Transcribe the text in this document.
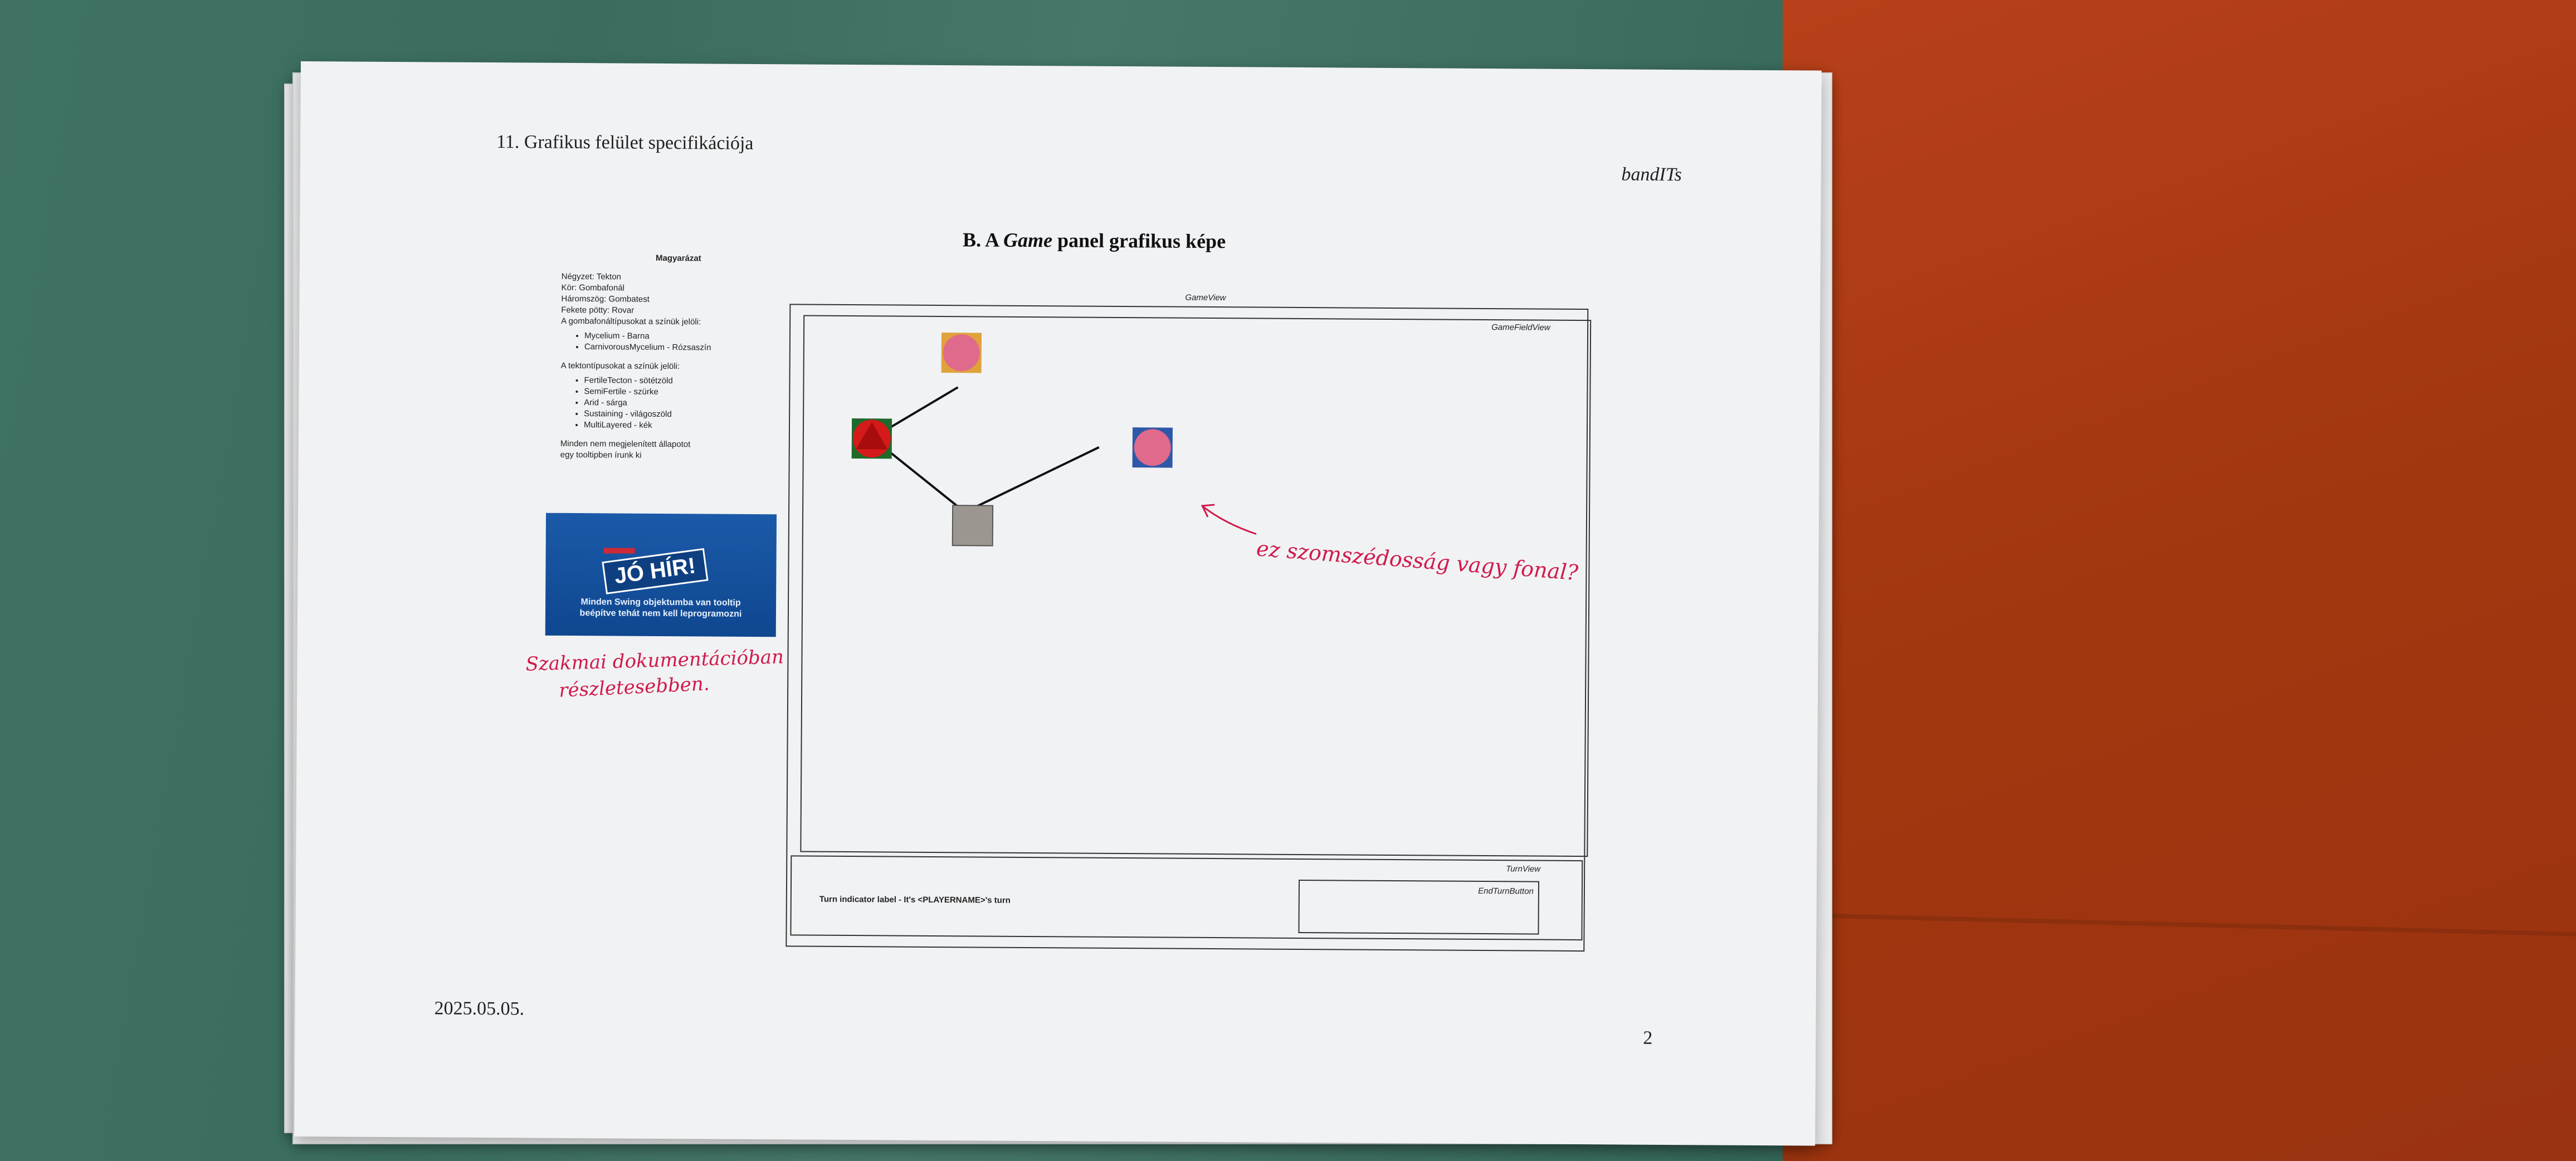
11. Grafikus felület specifikációja
bandITs
B. A Game panel grafikus képe
Magyarázat
Négyzet: Tekton
Kör: Gombafonál
Háromszög: Gombatest
Fekete pötty: Rovar

A gombafonáltípusokat a színük jelöli:

• Mycelium - Barna
• CarnivorousMycelium - Rózsaszín

A tektontípusokat a színük jelöli:

• FertileTecton - sötétzöld
• SemiFertile - szürke
• Arid - sárga
• Sustaining - világoszöld
• MultiLayered - kék
Minden nem megjelenített állapotot
egy tooltipben írunk ki
JÓ HÍR!
Minden Swing objektumba van tooltip
beépítve tehát nem kell leprogramozni
Szakmai dokumentációban
részletesebben.
GameView
GameFieldView
ez szomszédosság vagy fonal?
TurnView
Turn indicator label - It's <PLAYERNAME>'s turn
EndTurnButton
2025.05.05.
2
